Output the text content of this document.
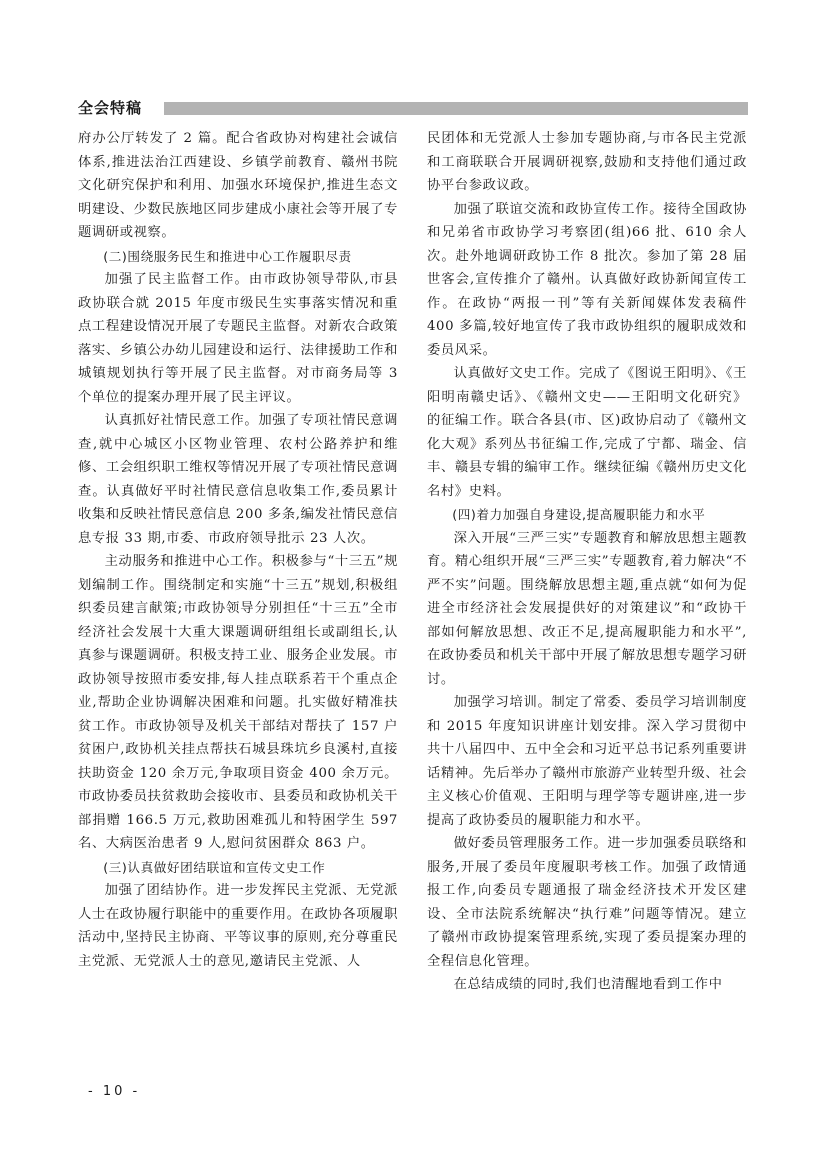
全会特稿

府办公厅转发了 2 篇。配合省政协对构建社会诚信体系,推进法治江西建设、乡镇学前教育、赣州书院文化研究保护和利用、加强水环境保护,推进生态文明建设、少数民族地区同步建成小康社会等开展了专题调研或视察。

(二)围绕服务民生和推进中心工作履职尽责

加强了民主监督工作。由市政协领导带队,市县政协联合就 2015 年度市级民生实事落实情况和重点工程建设情况开展了专题民主监督。对新农合政策落实、乡镇公办幼儿园建设和运行、法律援助工作和城镇规划执行等开展了民主监督。对市商务局等 3 个单位的提案办理开展了民主评议。

认真抓好社情民意工作。加强了专项社情民意调查,就中心城区小区物业管理、农村公路养护和维修、工会组织职工维权等情况开展了专项社情民意调查。认真做好平时社情民意信息收集工作,委员累计收集和反映社情民意信息 200 多条,编发社情民意信息专报 33 期,市委、市政府领导批示 23 人次。

主动服务和推进中心工作。积极参与“十三五”规划编制工作。围绕制定和实施“十三五”规划,积极组织委员建言献策;市政协领导分别担任“十三五”全市经济社会发展十大重大课题调研组组长或副组长,认真参与课题调研。积极支持工业、服务企业发展。市政协领导按照市委安排,每人挂点联系若干个重点企业,帮助企业协调解决困难和问题。扎实做好精准扶贫工作。市政协领导及机关干部结对帮扶了 157 户贫困户,政协机关挂点帮扶石城县珠坑乡良溪村,直接扶助资金 120 余万元,争取项目资金 400 余万元。市政协委员扶贫救助会接收市、县委员和政协机关干部捐赠 166.5 万元,救助困难孤儿和特困学生 597 名、大病医治患者 9 人,慰问贫困群众 863 户。

(三)认真做好团结联谊和宣传文史工作

加强了团结协作。进一步发挥民主党派、无党派人士在政协履行职能中的重要作用。在政协各项履职活动中,坚持民主协商、平等议事的原则,充分尊重民主党派、无党派人士的意见,邀请民主党派、人

民团体和无党派人士参加专题协商,与市各民主党派和工商联联合开展调研视察,鼓励和支持他们通过政协平台参政议政。

加强了联谊交流和政协宣传工作。接待全国政协和兄弟省市政协学习考察团(组)66 批、610 余人次。赴外地调研政协工作 8 批次。参加了第 28 届世客会,宣传推介了赣州。认真做好政协新闻宣传工作。在政协“两报一刊”等有关新闻媒体发表稿件 400 多篇,较好地宣传了我市政协组织的履职成效和委员风采。

认真做好文史工作。完成了《图说王阳明》、《王阳明南赣史话》、《赣州文史——王阳明文化研究》的征编工作。联合各县(市、区)政协启动了《赣州文化大观》系列丛书征编工作,完成了宁都、瑞金、信丰、赣县专辑的编审工作。继续征编《赣州历史文化名村》史料。

(四)着力加强自身建设,提高履职能力和水平

深入开展“三严三实”专题教育和解放思想主题教育。精心组织开展“三严三实”专题教育,着力解决“不严不实”问题。围绕解放思想主题,重点就“如何为促进全市经济社会发展提供好的对策建议”和“政协干部如何解放思想、改正不足,提高履职能力和水平”,在政协委员和机关干部中开展了解放思想专题学习研讨。

加强学习培训。制定了常委、委员学习培训制度和 2015 年度知识讲座计划安排。深入学习贯彻中共十八届四中、五中全会和习近平总书记系列重要讲话精神。先后举办了赣州市旅游产业转型升级、社会主义核心价值观、王阳明与理学等专题讲座,进一步提高了政协委员的履职能力和水平。

做好委员管理服务工作。进一步加强委员联络和服务,开展了委员年度履职考核工作。加强了政情通报工作,向委员专题通报了瑞金经济技术开发区建设、全市法院系统解决“执行难”问题等情况。建立了赣州市政协提案管理系统,实现了委员提案办理的全程信息化管理。

在总结成绩的同时,我们也清醒地看到工作中

- 10 -
